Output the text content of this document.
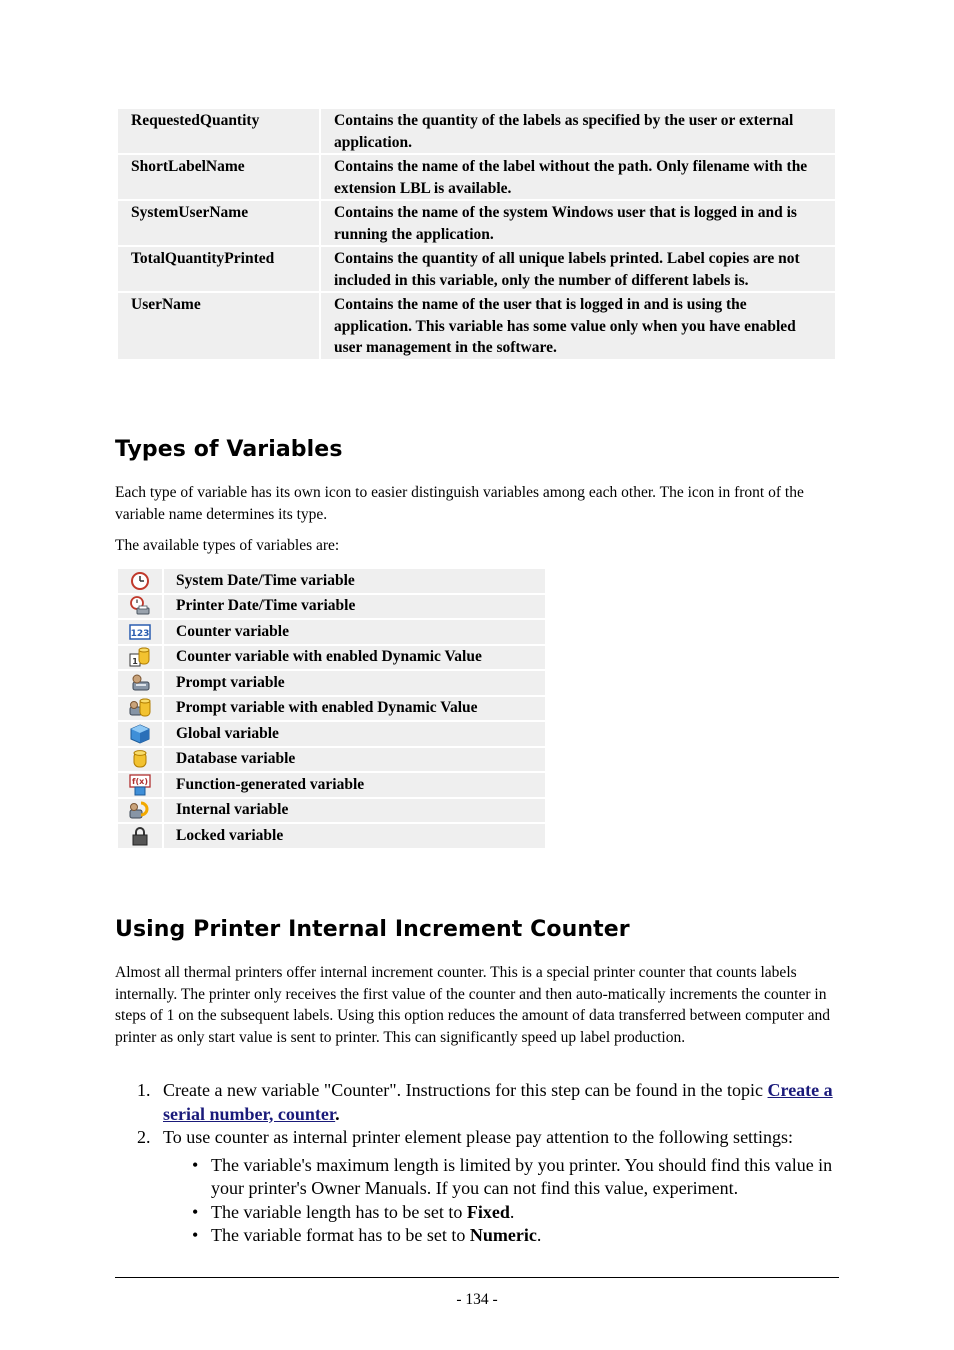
RequestedQuantity	Contains the quantity of the labels as specified by the user or external application.
ShortLabelName	Contains the name of the label without the path. Only filename with the extension LBL is available.
SystemUserName	Contains the name of the system Windows user that is logged in and is running the application.
TotalQuantityPrinted	Contains the quantity of all unique labels printed. Label copies are not included in this variable, only the number of different labels is.
UserName	Contains the name of the user that is logged in and is using the application. This variable has some value only when you have enabled user management in the software.
Types of Variables

Each type of variable has its own icon to easier distinguish variables among each other. The icon in front of the variable name determines its type.

The available types of variables are:

	System Date/Time variable

	Printer Date/Time variable

123	Counter variable

1	Counter variable with enabled Dynamic Value

	Prompt variable

	Prompt variable with enabled Dynamic Value

	Global variable

	Database variable

f(x)	Function-generated variable

	Internal variable

	Locked variable
Using Printer Internal Increment Counter

Almost all thermal printers offer internal increment counter. This is a special printer counter that counts labels internally. The printer only receives the first value of the counter and then auto-matically increments the counter in steps of 1 on the subsequent labels. Using this option reduces the amount of data transferred between computer and printer as only start value is sent to printer. This can significantly speed up label production.

1. Create a new variable "Counter". Instructions for this step can be found in the topic Create a serial number, counter.
2. To use counter as internal printer element please pay attention to the following settings:
• The variable's maximum length is limited by you printer. You should find this value in your printer's Owner Manuals. If you can not find this value, experiment.
• The variable length has to be set to Fixed.
• The variable format has to be set to Numeric.
- 134 -
